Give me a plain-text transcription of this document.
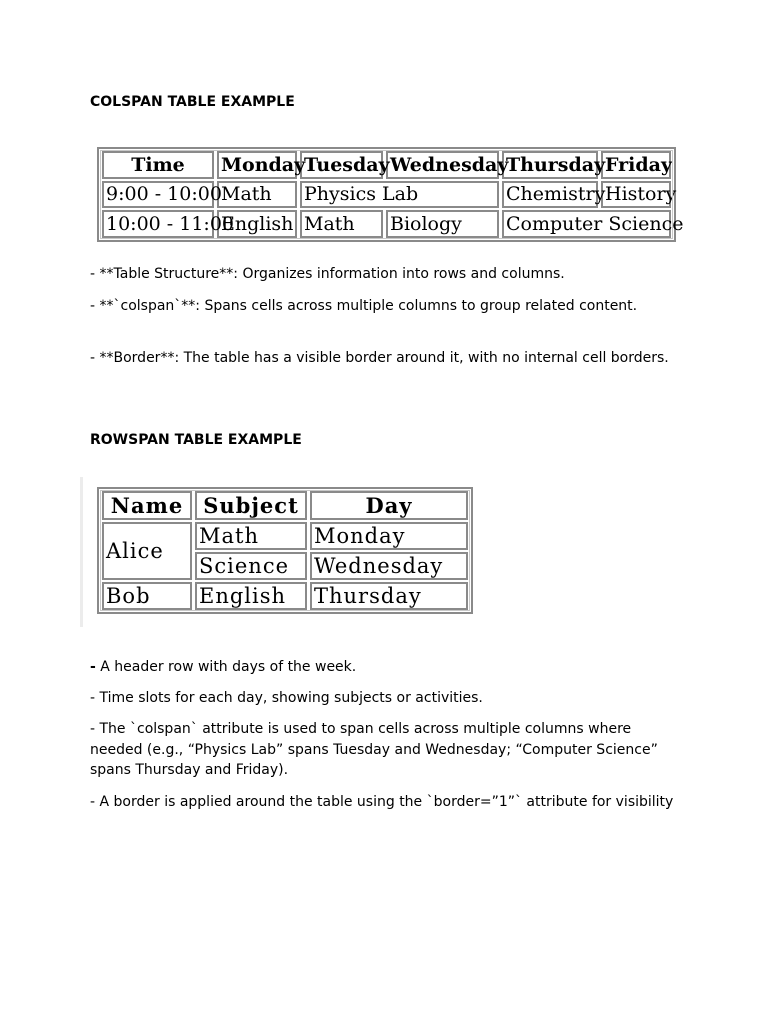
COLSPAN TABLE EXAMPLE
Time	Monday	Tuesday	Wednesday	Thursday	Friday
9:00 - 10:00	Math	Physics Lab		Chemistry	History
10:00 - 11:00	English	Math	Biology	Computer Science	

- **Table Structure**: Organizes information into rows and columns.

- **`colspan`**: Spans cells across multiple columns to group related content.

- **Border**: The table has a visible border around it, with no internal cell borders.

ROWSPAN TABLE EXAMPLE
Name	Subject	Day
Alice	Math	Monday
	Science	Wednesday
Bob	English	Thursday

- A header row with days of the week.

- Time slots for each day, showing subjects or activities.

- The `colspan` attribute is used to span cells across multiple columns where needed (e.g., “Physics Lab” spans Tuesday and Wednesday; “Computer Science” spans Thursday and Friday).

- A border is applied around the table using the `border=”1”` attribute for visibility
